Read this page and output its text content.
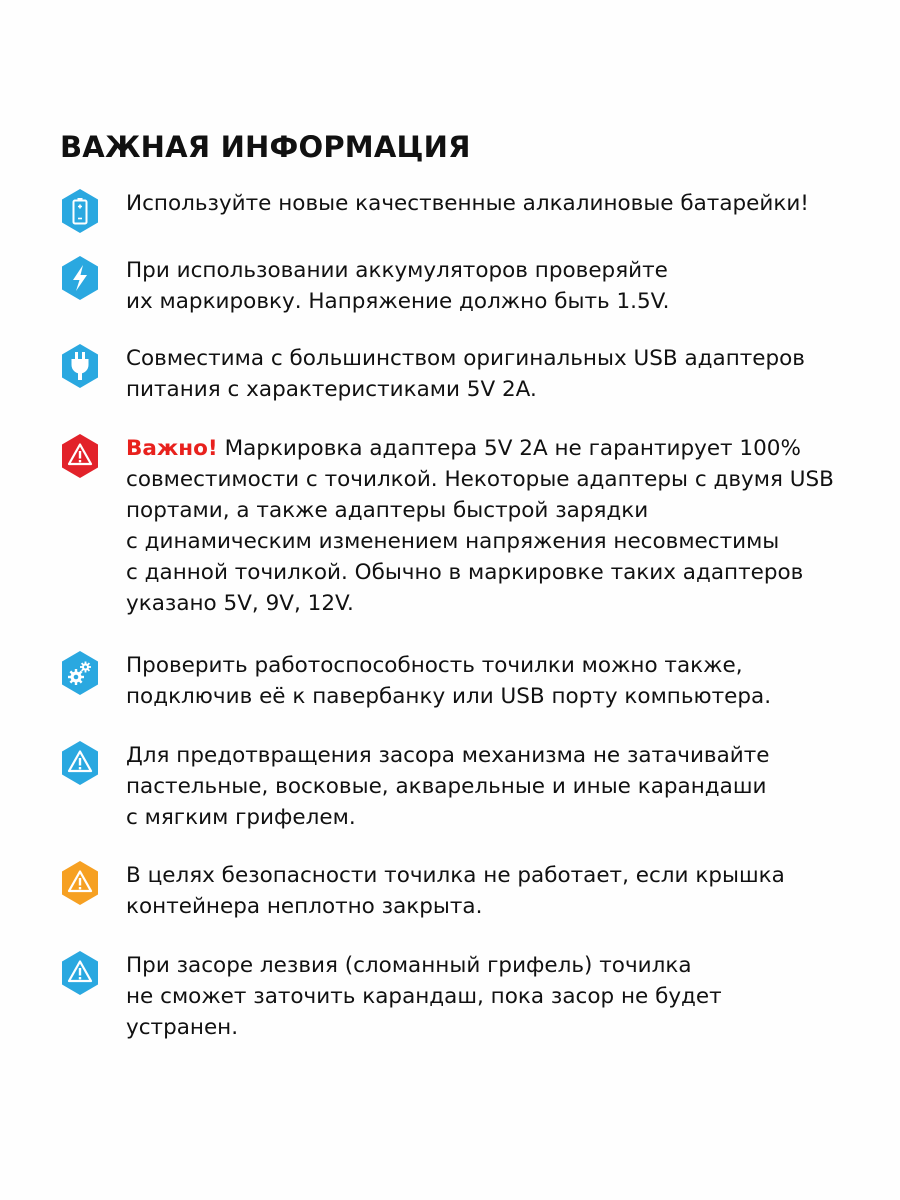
ВАЖНАЯ ИНФОРМАЦИЯ

Используйте новые качественные алкалиновые батарейки!

При использовании аккумуляторов проверяйте
их маркировку. Напряжение должно быть 1.5V.

Совместима с большинством оригинальных USB адаптеров
питания с характеристиками 5V 2A.

Важно! Маркировка адаптера 5V 2A не гарантирует 100%
совместимости с точилкой. Некоторые адаптеры с двумя USB
портами, а также адаптеры быстрой зарядки
с динамическим изменением напряжения несовместимы
с данной точилкой. Обычно в маркировке таких адаптеров
указано 5V, 9V, 12V.

Проверить работоспособность точилки можно также,
подключив её к павербанку или USB порту компьютера.

Для предотвращения засора механизма не затачивайте
пастельные, восковые, акварельные и иные карандаши
с мягким грифелем.

В целях безопасности точилка не работает, если крышка
контейнера неплотно закрыта.

При засоре лезвия (сломанный грифель) точилка
не сможет заточить карандаш, пока засор не будет
устранен.
